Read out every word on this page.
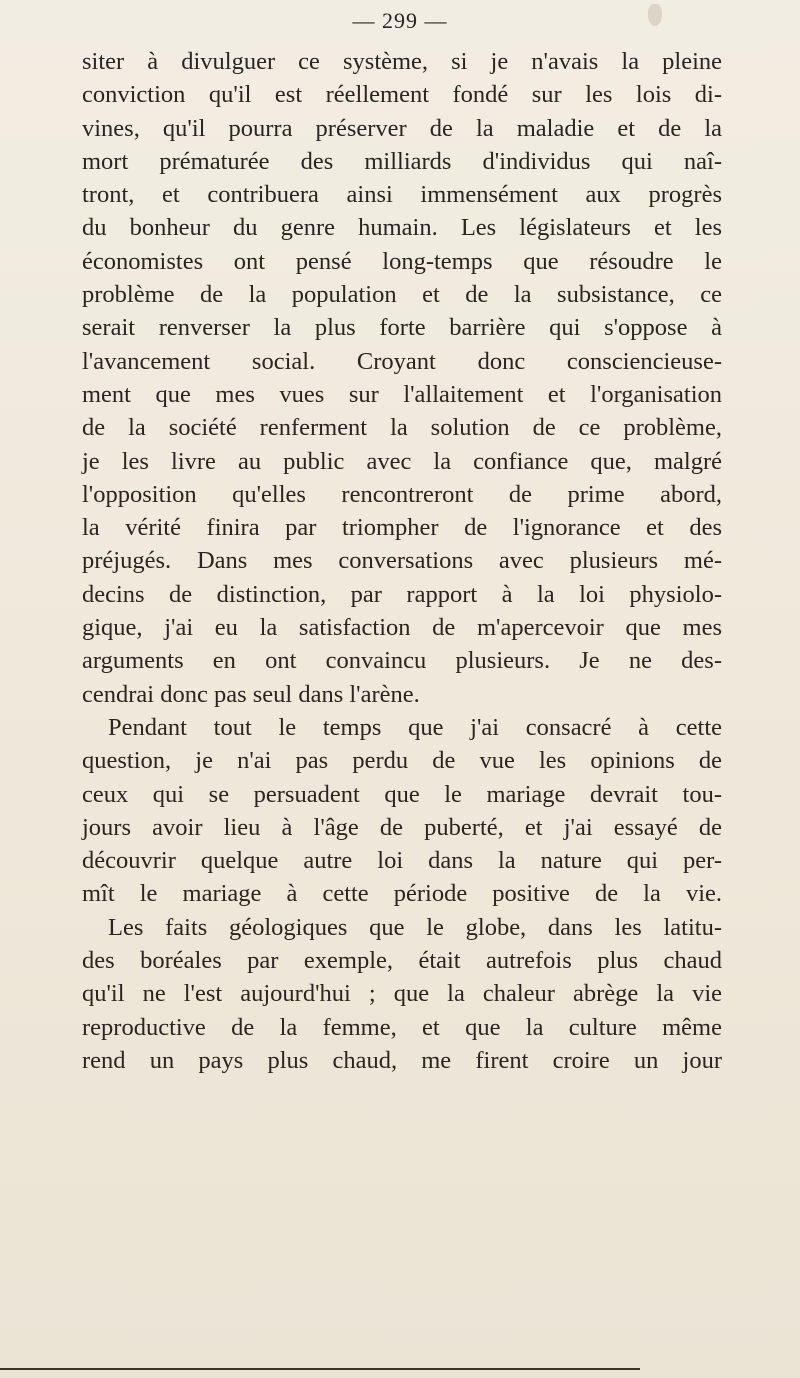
— 299 —
siter à divulguer ce système, si je n'avais la pleine
conviction qu'il est réellement fondé sur les lois di-
vines, qu'il pourra préserver de la maladie et de la
mort prématurée des milliards d'individus qui naî-
tront, et contribuera ainsi immensément aux progrès
du bonheur du genre humain. Les législateurs et les
économistes ont pensé long-temps que résoudre le
problème de la population et de la subsistance, ce
serait renverser la plus forte barrière qui s'oppose à
l'avancement social. Croyant donc consciencieuse-
ment que mes vues sur l'allaitement et l'organisation
de la société renferment la solution de ce problème,
je les livre au public avec la confiance que, malgré
l'opposition qu'elles rencontreront de prime abord,
la vérité finira par triompher de l'ignorance et des
préjugés. Dans mes conversations avec plusieurs mé-
decins de distinction, par rapport à la loi physiolo-
gique, j'ai eu la satisfaction de m'apercevoir que mes
arguments en ont convaincu plusieurs. Je ne des-
cendrai donc pas seul dans l'arène.
Pendant tout le temps que j'ai consacré à cette
question, je n'ai pas perdu de vue les opinions de
ceux qui se persuadent que le mariage devrait tou-
jours avoir lieu à l'âge de puberté, et j'ai essayé de
découvrir quelque autre loi dans la nature qui per-
mît le mariage à cette période positive de la vie.
Les faits géologiques que le globe, dans les latitu-
des boréales par exemple, était autrefois plus chaud
qu'il ne l'est aujourd'hui ; que la chaleur abrège la vie
reproductive de la femme, et que la culture même
rend un pays plus chaud, me firent croire un jour
